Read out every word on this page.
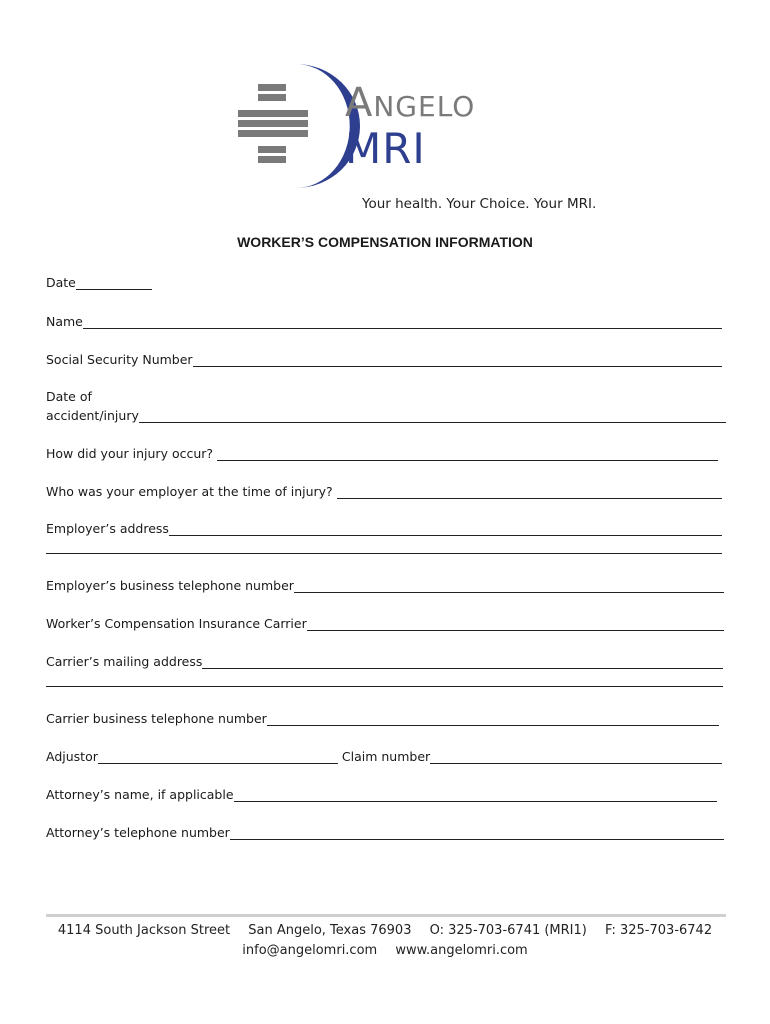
Angelo
MRI
Your health. Your Choice. Your MRI.
WORKER’S COMPENSATION INFORMATION
Date
Name
Social Security Number
Date of
accident/injury
How did your injury occur?
Who was your employer at the time of injury?
Employer’s address
Employer’s business telephone number
Worker’s Compensation Insurance Carrier
Carrier’s mailing address
Carrier business telephone number
Adjustor	Claim number
Attorney’s name, if applicable
Attorney’s telephone number
4114 South Jackson Street San Angelo, Texas 76903 O: 325-703-6741 (MRI1) F: 325-703-6742
info@angelomri.com www.angelomri.com
